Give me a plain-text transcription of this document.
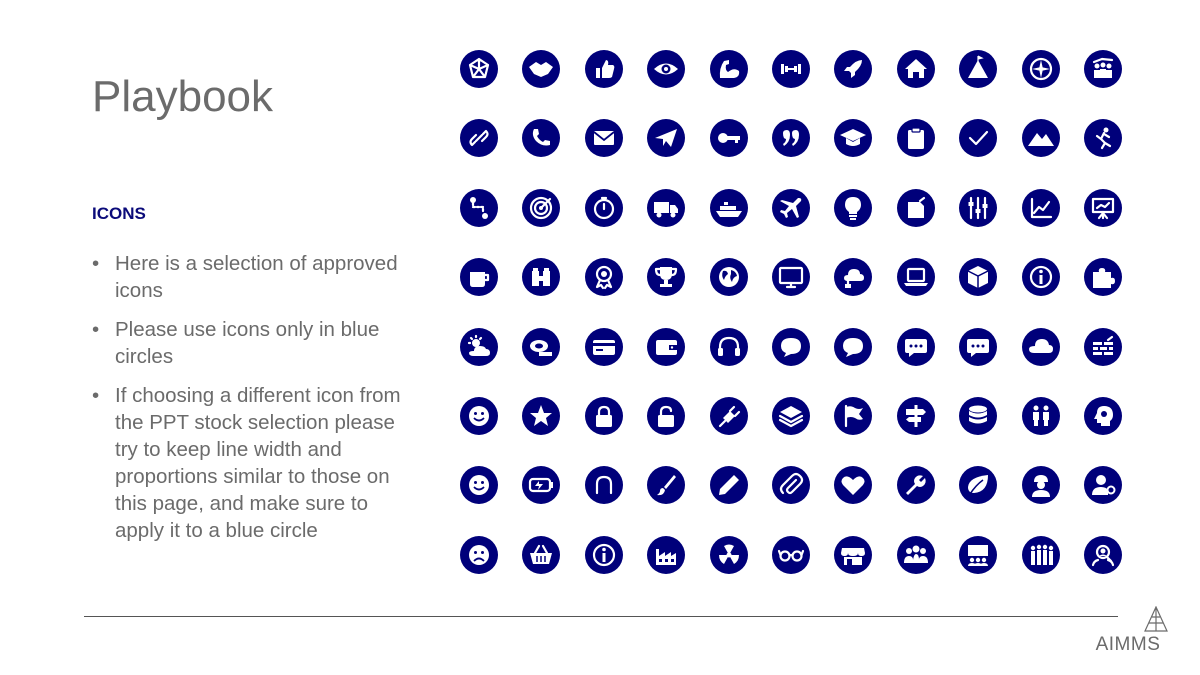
Playbook
ICONS
• Here is a selection of approved icons
• Please use icons only in blue circles
• If choosing a different icon from the PPT stock selection please try to keep line width and proportions similar to those on this page, and make sure to apply it to a blue circle
AIMMS
